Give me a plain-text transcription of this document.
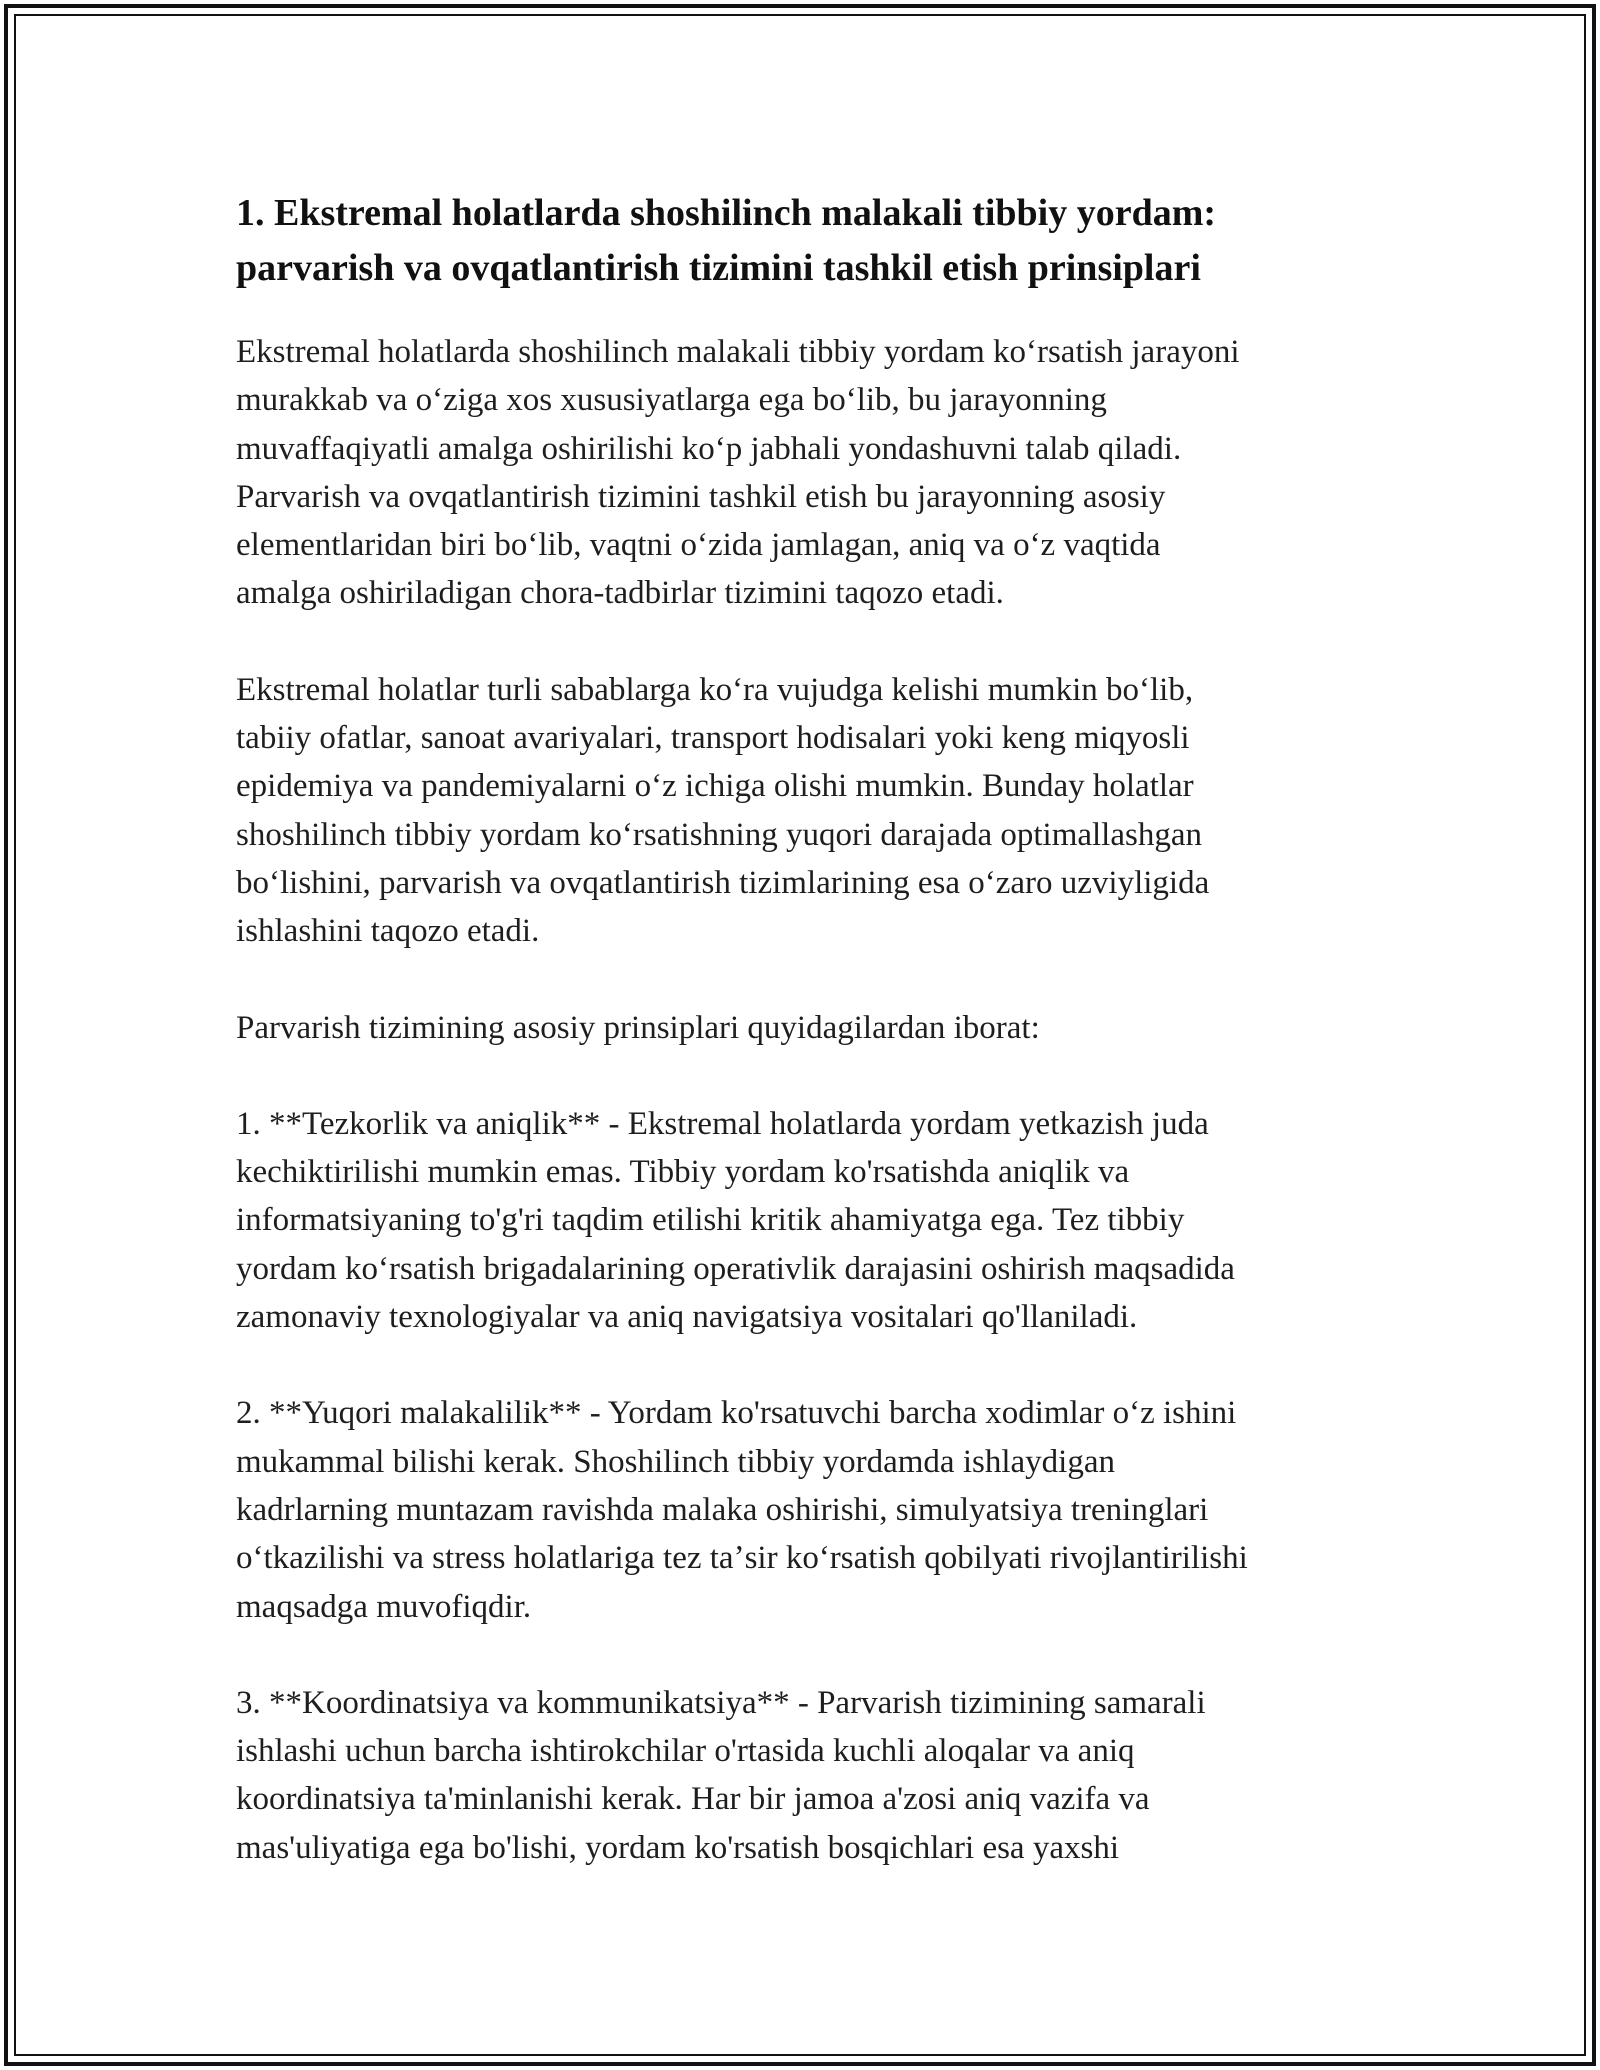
1. Ekstremal holatlarda shoshilinch malakali tibbiy yordam:
parvarish va ovqatlantirish tizimini tashkil etish prinsiplari

Ekstremal holatlarda shoshilinch malakali tibbiy yordam koʻrsatish jarayoni
murakkab va oʻziga xos xususiyatlarga ega boʻlib, bu jarayonning
muvaffaqiyatli amalga oshirilishi koʻp jabhali yondashuvni talab qiladi.
Parvarish va ovqatlantirish tizimini tashkil etish bu jarayonning asosiy
elementlaridan biri boʻlib, vaqtni oʻzida jamlagan, aniq va oʻz vaqtida
amalga oshiriladigan chora-tadbirlar tizimini taqozo etadi.

Ekstremal holatlar turli sabablarga koʻra vujudga kelishi mumkin boʻlib,
tabiiy ofatlar, sanoat avariyalari, transport hodisalari yoki keng miqyosli
epidemiya va pandemiyalarni oʻz ichiga olishi mumkin. Bunday holatlar
shoshilinch tibbiy yordam koʻrsatishning yuqori darajada optimallashgan
boʻlishini, parvarish va ovqatlantirish tizimlarining esa oʻzaro uzviyligida
ishlashini taqozo etadi.

Parvarish tizimining asosiy prinsiplari quyidagilardan iborat:

1. **Tezkorlik va aniqlik** - Ekstremal holatlarda yordam yetkazish juda
kechiktirilishi mumkin emas. Tibbiy yordam ko'rsatishda aniqlik va
informatsiyaning to'g'ri taqdim etilishi kritik ahamiyatga ega. Tez tibbiy
yordam koʻrsatish brigadalarining operativlik darajasini oshirish maqsadida
zamonaviy texnologiyalar va aniq navigatsiya vositalari qo'llaniladi.

2. **Yuqori malakalilik** - Yordam ko'rsatuvchi barcha xodimlar oʻz ishini
mukammal bilishi kerak. Shoshilinch tibbiy yordamda ishlaydigan
kadrlarning muntazam ravishda malaka oshirishi, simulyatsiya treninglari
oʻtkazilishi va stress holatlariga tez taʼsir koʻrsatish qobilyati rivojlantirilishi
maqsadga muvofiqdir.

3. **Koordinatsiya va kommunikatsiya** - Parvarish tizimining samarali
ishlashi uchun barcha ishtirokchilar o'rtasida kuchli aloqalar va aniq
koordinatsiya ta'minlanishi kerak. Har bir jamoa a'zosi aniq vazifa va
mas'uliyatiga ega bo'lishi, yordam ko'rsatish bosqichlari esa yaxshi
